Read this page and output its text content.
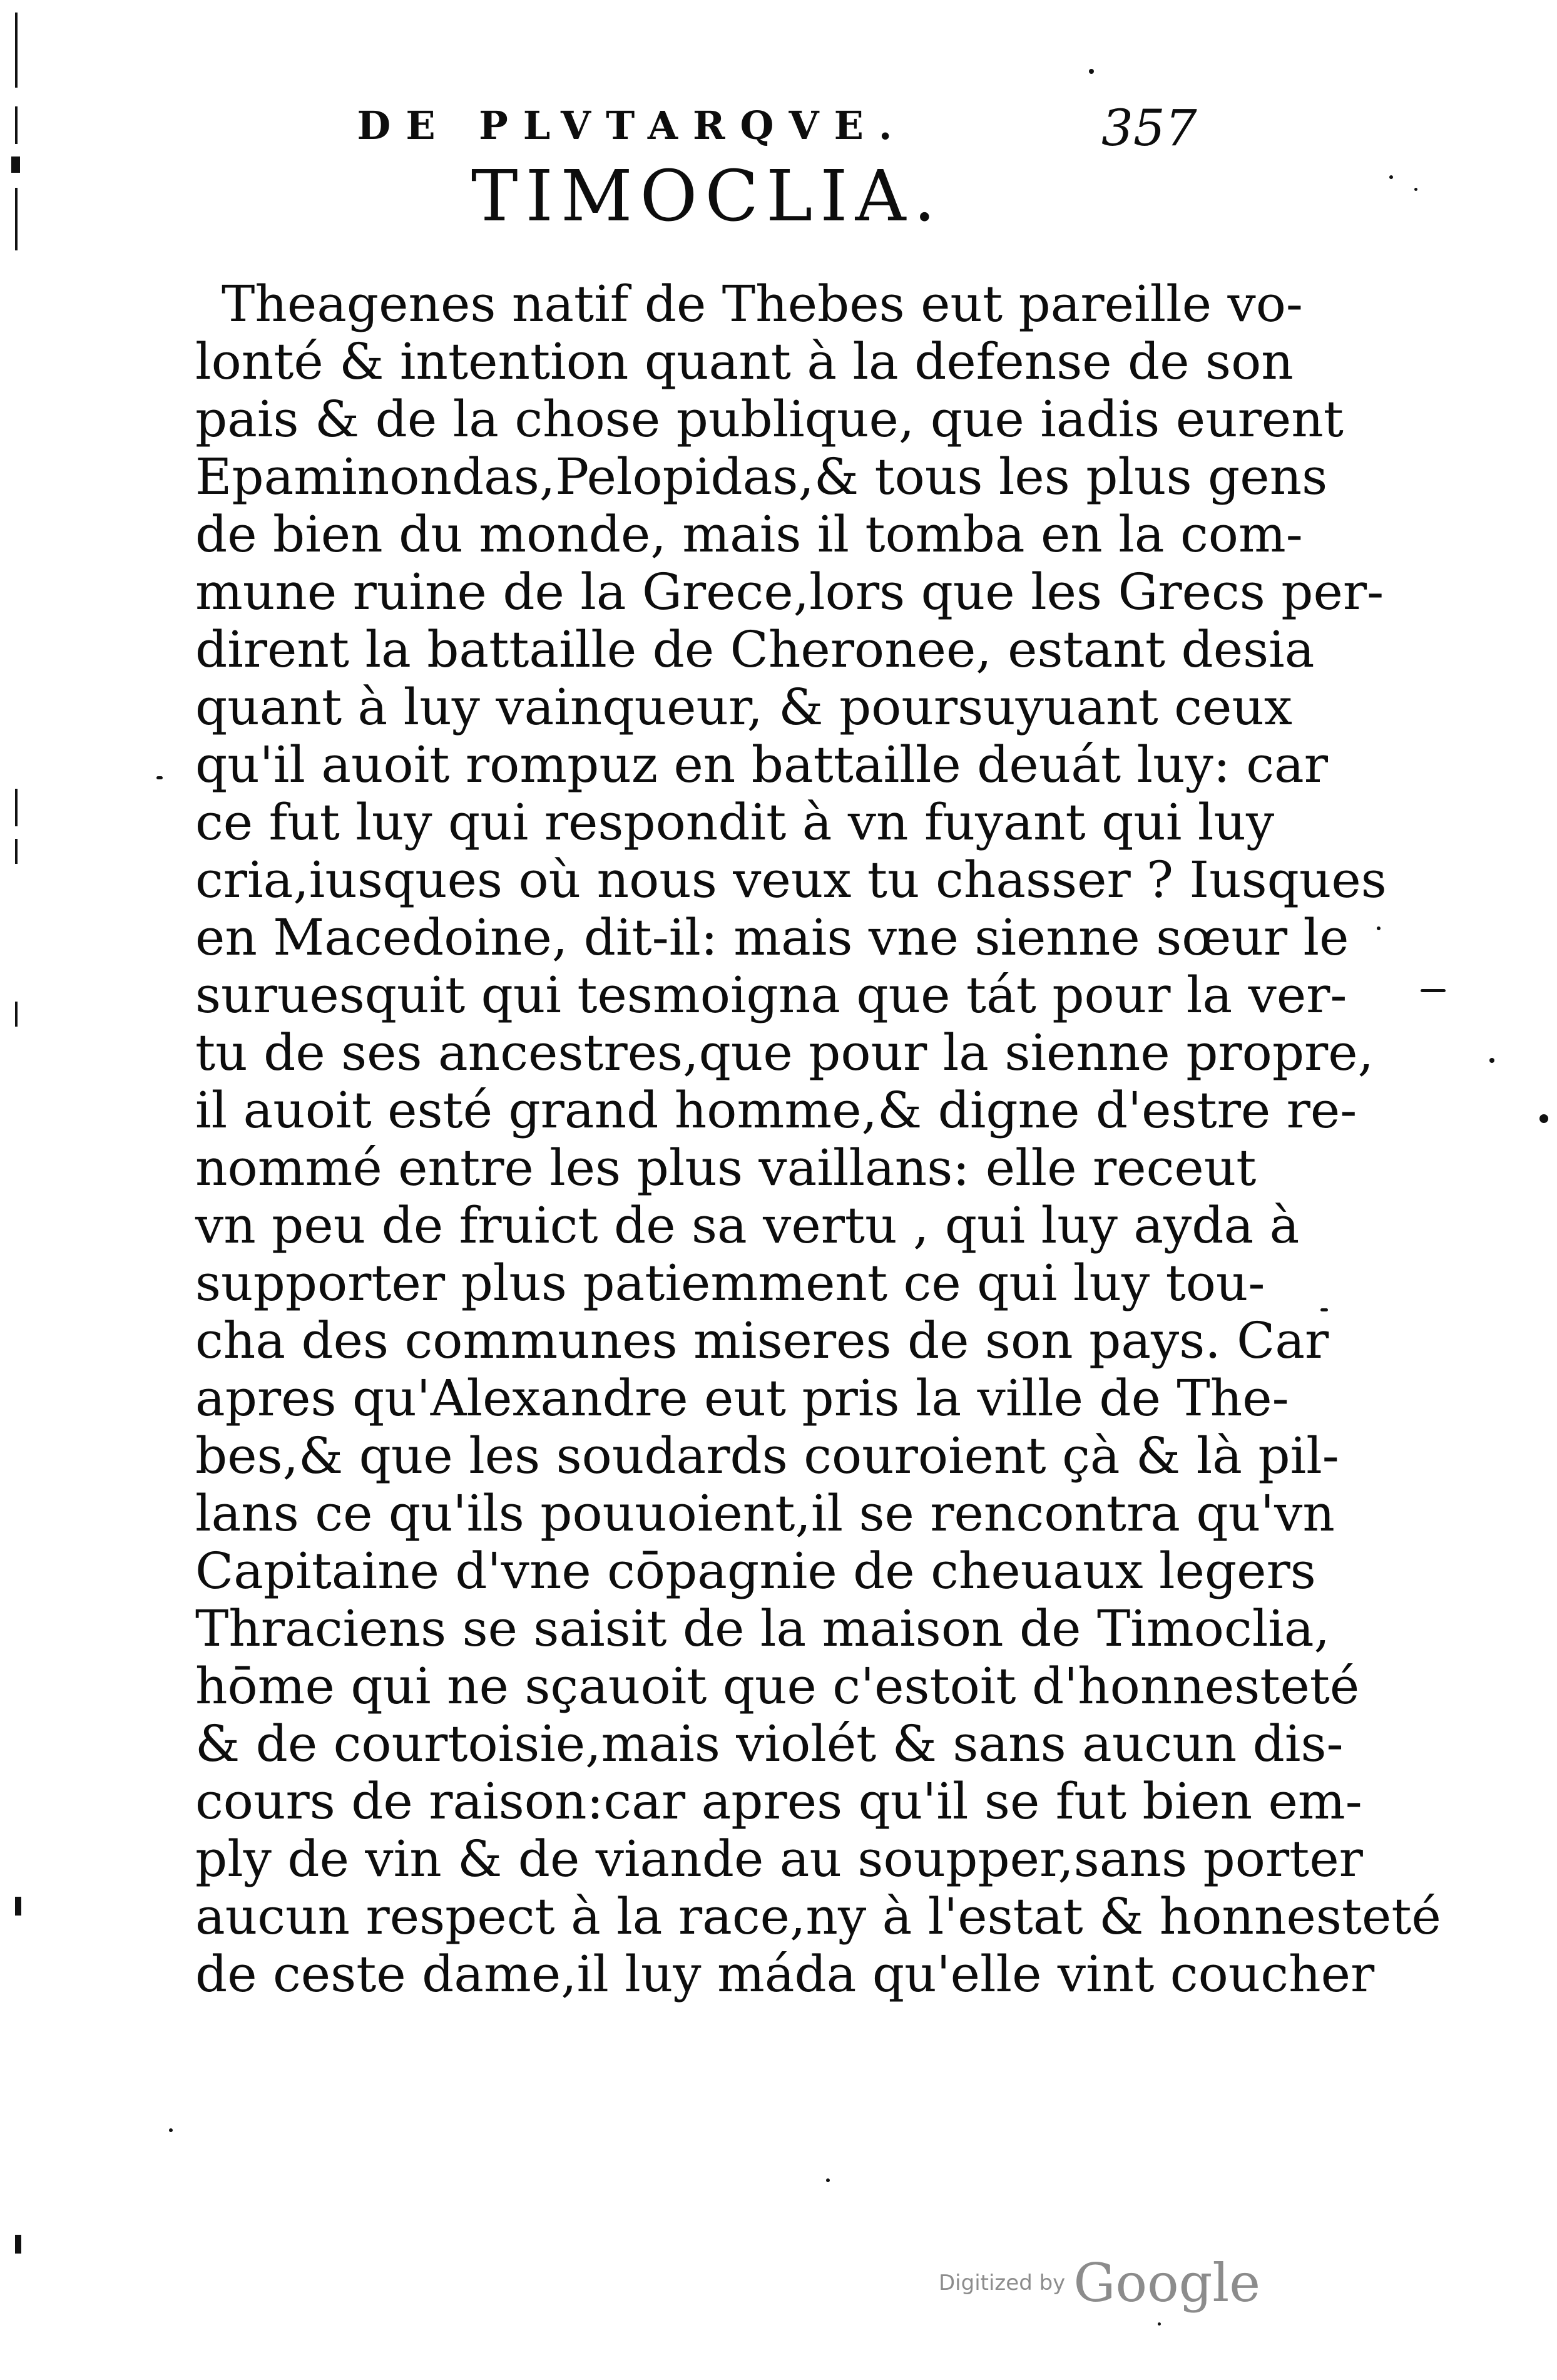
DE PLVTARQVE.	357
TIMOCLIA.
Theagenes natif de Thebes eut pareille vo-
lonté & intention quant à la defense de son
pais & de la chose publique, que iadis eurent
Epaminondas,Pelopidas,& tous les plus gens
de bien du monde, mais il tomba en la com-
mune ruine de la Grece,lors que les Grecs per-
dirent la battaille de Cheronee, estant desia
quant à luy vainqueur, & poursuyuant ceux
qu'il auoit rompuz en battaille deuát luy: car
ce fut luy qui respondit à vn fuyant qui luy
cria,iusques où nous veux tu chasser ? Iusques
en Macedoine, dit-il: mais vne sienne sœur le
suruesquit qui tesmoigna que tát pour la ver-
tu de ses ancestres,que pour la sienne propre,
il auoit esté grand homme,& digne d'estre re-
nommé entre les plus vaillans: elle receut
vn peu de fruict de sa vertu , qui luy ayda à
supporter plus patiemment ce qui luy tou-
cha des communes miseres de son pays. Car
apres qu'Alexandre eut pris la ville de The-
bes,& que les soudards couroient çà & là pil-
lans ce qu'ils pouuoient,il se rencontra qu'vn
Capitaine d'vne cōpagnie de cheuaux legers
Thraciens se saisit de la maison de Timoclia,
hōme qui ne sçauoit que c'estoit d'honnesteté
& de courtoisie,mais violét & sans aucun dis-
cours de raison:car apres qu'il se fut bien em-
ply de vin & de viande au soupper,sans porter
aucun respect à la race,ny à l'estat & honnesteté
de ceste dame,il luy máda qu'elle vint coucher
Digitized by Google
